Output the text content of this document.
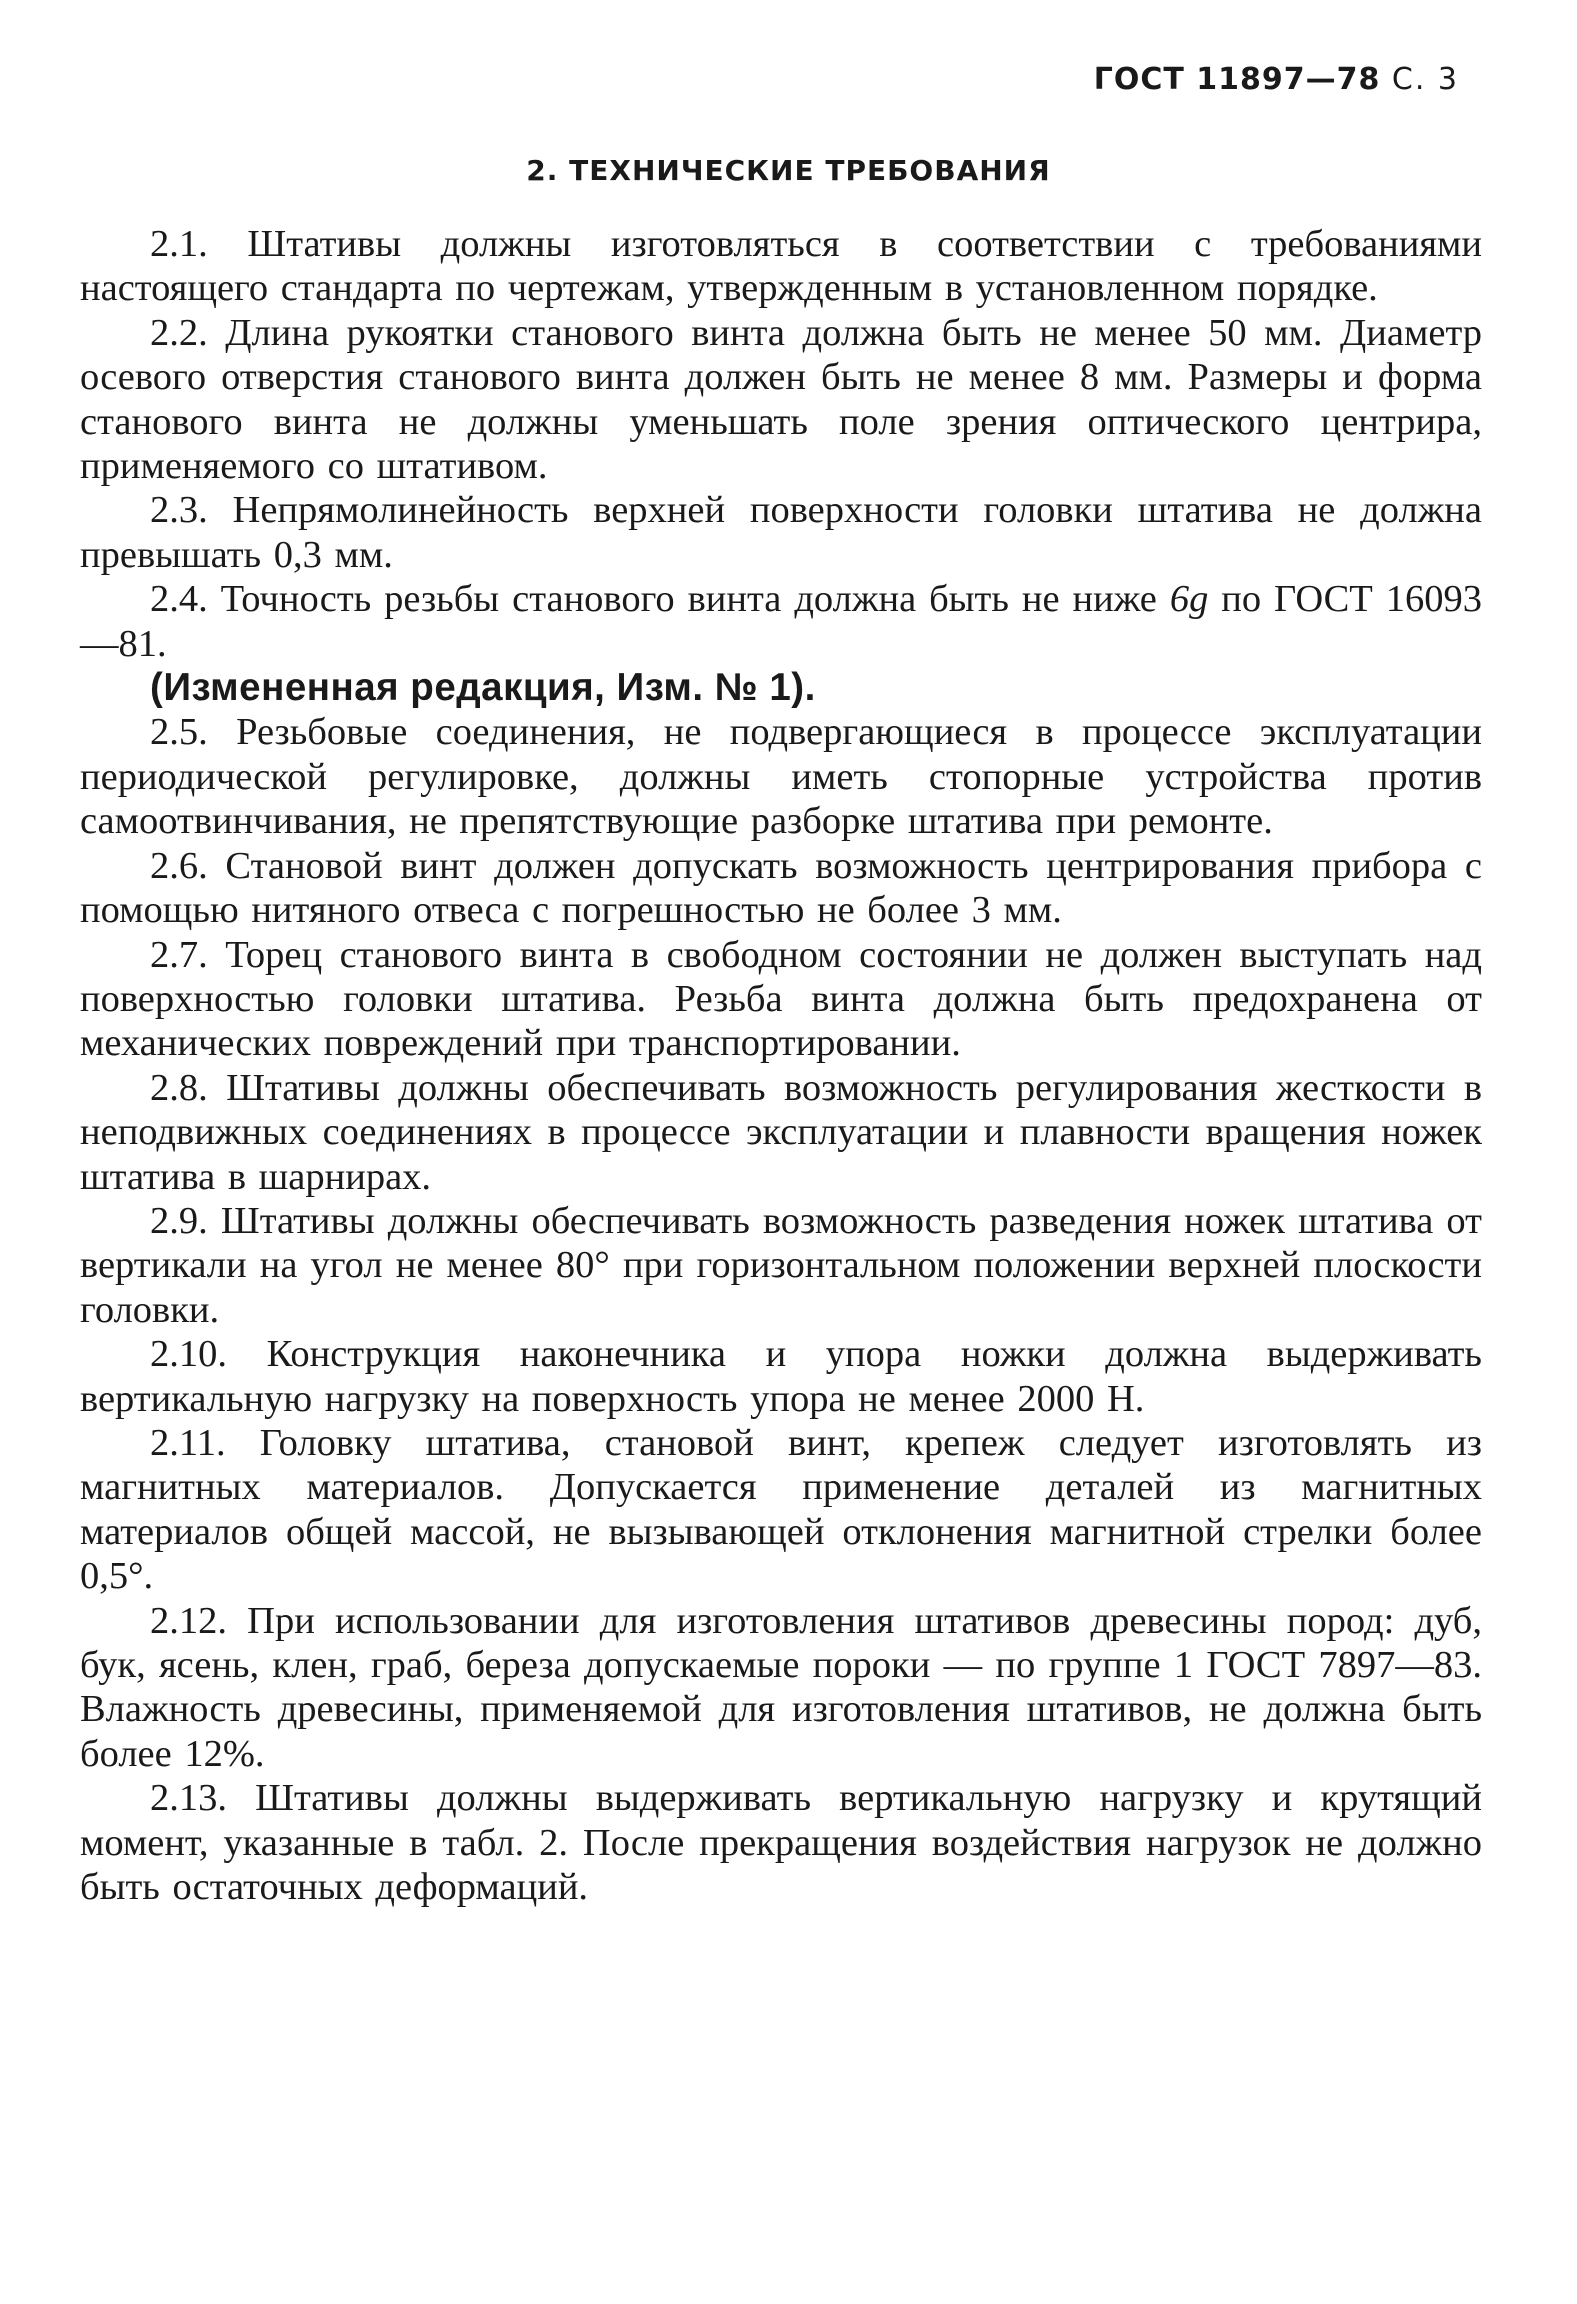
ГОСТ 11897—78 С. 3
2. ТЕХНИЧЕСКИЕ ТРЕБОВАНИЯ

2.1. Штативы должны изготовляться в соответствии с требованиями настоящего стандарта по чертежам, утвержденным в установленном порядке.

2.2. Длина рукоятки станового винта должна быть не менее 50 мм. Диаметр осевого отверстия станового винта должен быть не менее 8 мм. Размеры и форма станового винта не должны уменьшать поле зрения оптического центрира, применяемого со штативом.

2.3. Непрямолинейность верхней поверхности головки штатива не должна превышать 0,3 мм.

2.4. Точность резьбы станового винта должна быть не ниже 6g по ГОСТ 16093—81.

(Измененная редакция, Изм. № 1).

2.5. Резьбовые соединения, не подвергающиеся в процессе эксплуатации периодической регулировке, должны иметь стопорные устройства против самоотвинчивания, не препятствующие разборке штатива при ремонте.

2.6. Становой винт должен допускать возможность центрирования прибора с помощью нитяного отвеса с погрешностью не более 3 мм.

2.7. Торец станового винта в свободном состоянии не должен выступать над поверхностью головки штатива. Резьба винта должна быть предохранена от механических повреждений при транспортировании.

2.8. Штативы должны обеспечивать возможность регулирования жесткости в неподвижных соединениях в процессе эксплуатации и плавности вращения ножек штатива в шарнирах.

2.9. Штативы должны обеспечивать возможность разведения ножек штатива от вертикали на угол не менее 80° при горизонтальном положении верхней плоскости головки.

2.10. Конструкция наконечника и упора ножки должна выдерживать вертикальную нагрузку на поверхность упора не менее 2000 Н.

2.11. Головку штатива, становой винт, крепеж следует изготовлять из магнитных материалов. Допускается применение деталей из магнитных материалов общей массой, не вызывающей отклонения магнитной стрелки более 0,5°.

2.12. При использовании для изготовления штативов древесины пород: дуб, бук, ясень, клен, граб, береза допускаемые пороки — по группе 1 ГОСТ 7897—83. Влажность древесины, применяемой для изготовления штативов, не должна быть более 12%.

2.13. Штативы должны выдерживать вертикальную нагрузку и крутящий момент, указанные в табл. 2. После прекращения воздействия нагрузок не должно быть остаточных деформаций.
